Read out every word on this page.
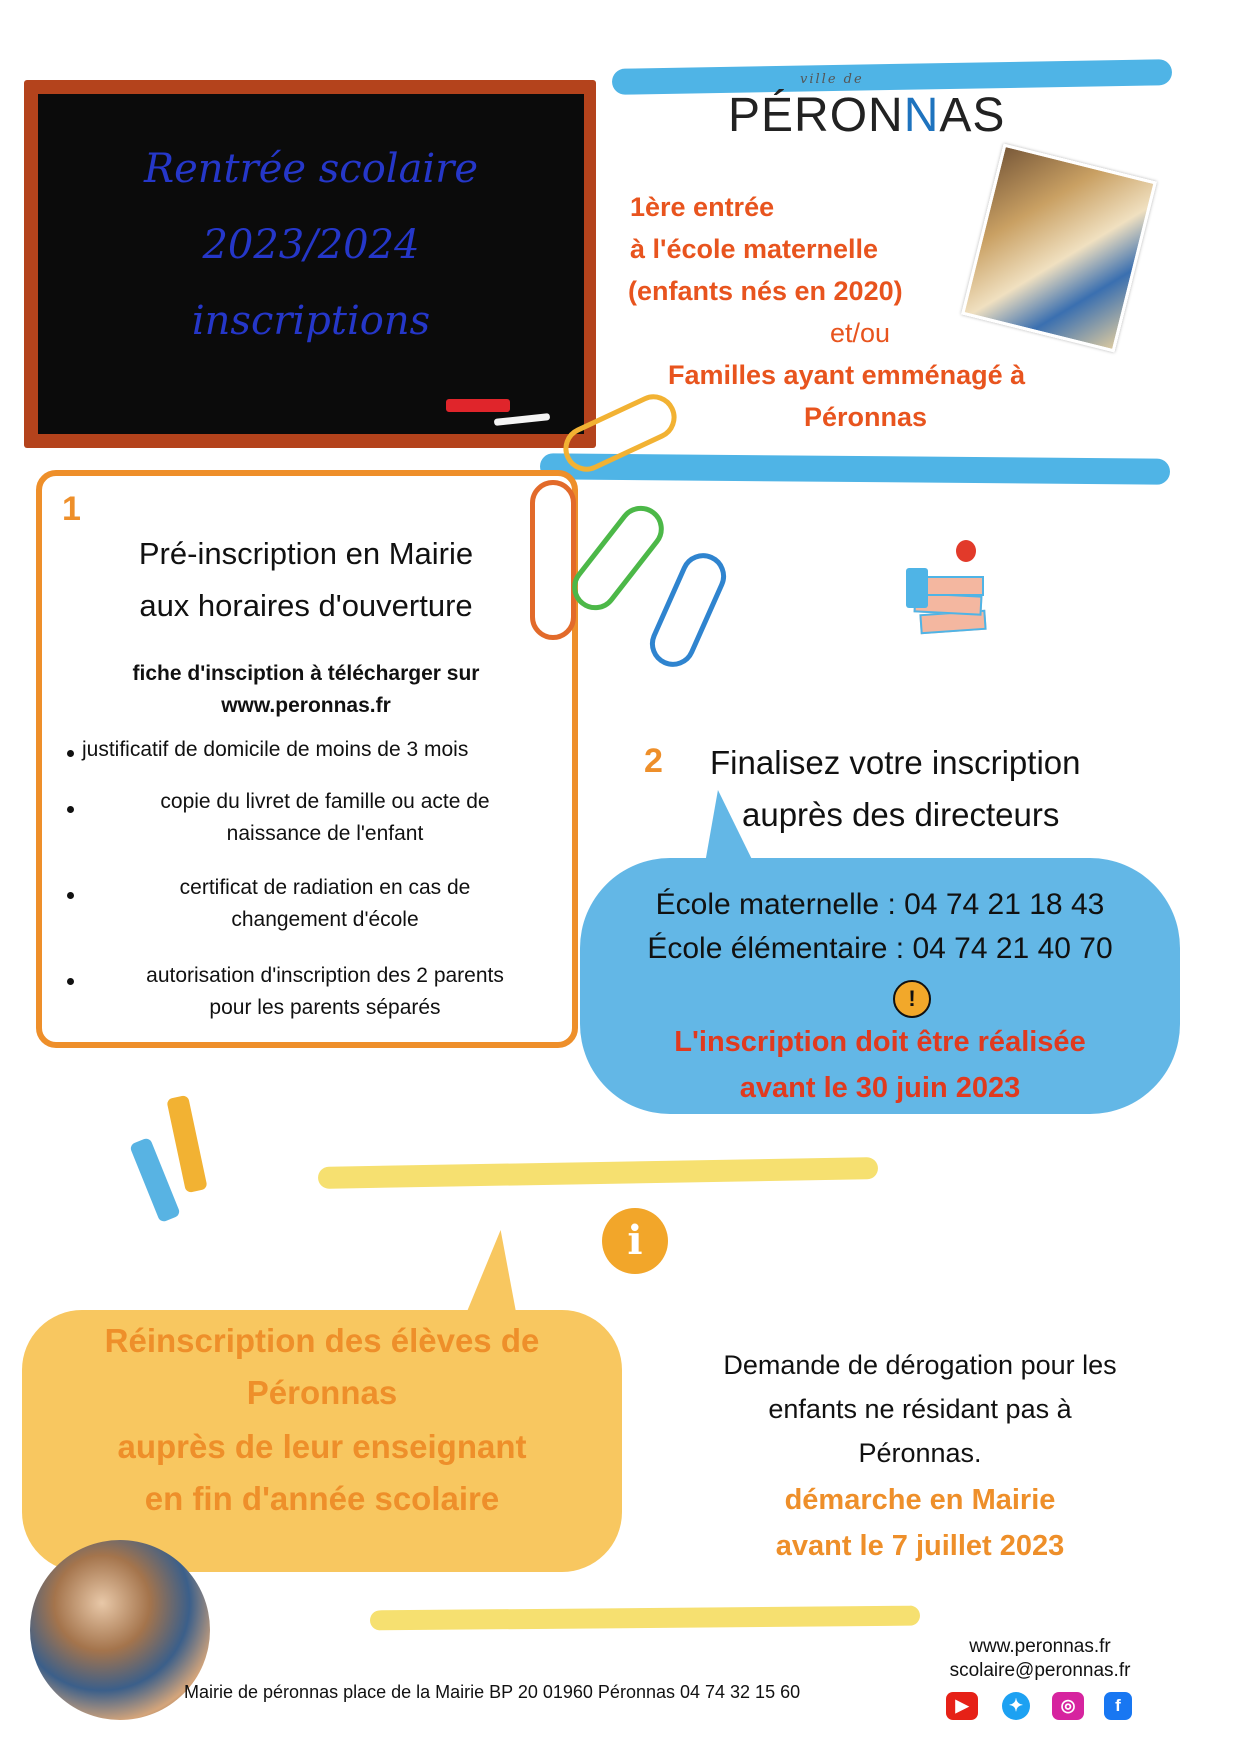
Rentrée scolaire
2023/2024
inscriptions
ville de
PÉRONNAS
1ère entrée
à l'école maternelle
(enfants nés en 2020)
et/ou
Familles ayant emménagé à
Péronnas
1
Pré-inscription en Mairie
aux horaires d'ouverture
fiche d'insciption à télécharger sur
www.peronnas.fr
justificatif de domicile de moins de 3 mois
copie du livret de famille ou acte de
naissance de l'enfant
certificat de radiation en cas de
changement d'école
autorisation d'inscription des 2 parents
pour les parents séparés
2 Finalisez votre inscription
auprès des directeurs
École maternelle : 04 74 21 18 43
École élémentaire : 04 74 21 40 70
!
L'inscription doit être réalisée
avant le 30 juin 2023
i
Réinscription des élèves de
Péronnas
auprès de leur enseignant
en fin d'année scolaire
Demande de dérogation pour les
enfants ne résidant pas à
Péronnas.
démarche en Mairie
avant le 7 juillet 2023
Mairie de péronnas place de la Mairie BP 20 01960 Péronnas 04 74 32 15 60
www.peronnas.fr
scolaire@peronnas.fr
▶	✦	◎	f
